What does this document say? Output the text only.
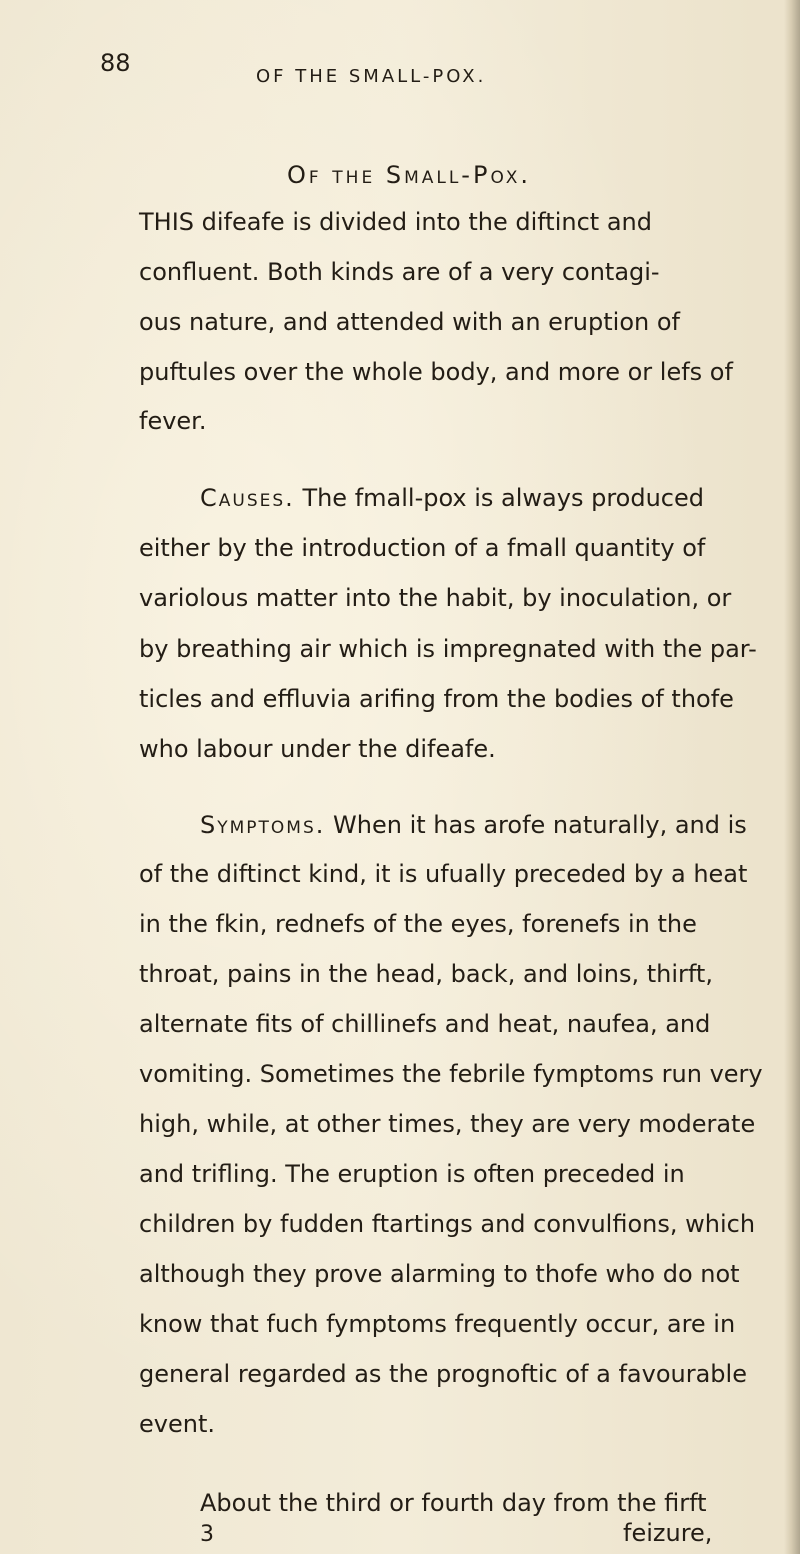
88	OF THE SMALL-POX.
Of the Small-Pox.
THIS difeafe is divided into the diftinct and
confluent. Both kinds are of a very contagi-
ous nature, and attended with an eruption of
puftules over the whole body, and more or lefs of
fever.
Causes. The fmall-pox is always produced
either by the introduction of a fmall quantity of
variolous matter into the habit, by inoculation, or
by breathing air which is impregnated with the par-
ticles and effluvia arifing from the bodies of thofe
who labour under the difeafe.
Symptoms. When it has arofe naturally, and is
of the diftinct kind, it is ufually preceded by a heat
in the fkin, rednefs of the eyes, forenefs in the
throat, pains in the head, back, and loins, thirft,
alternate fits of chillinefs and heat, naufea, and
vomiting. Sometimes the febrile fymptoms run very
high, while, at other times, they are very moderate
and trifling. The eruption is often preceded in
children by fudden ftartings and convulfions, which
although they prove alarming to thofe who do not
know that fuch fymptoms frequently occur, are in
general regarded as the prognoftic of a favourable
event.
About the third or fourth day from the firft
3	feizure,
